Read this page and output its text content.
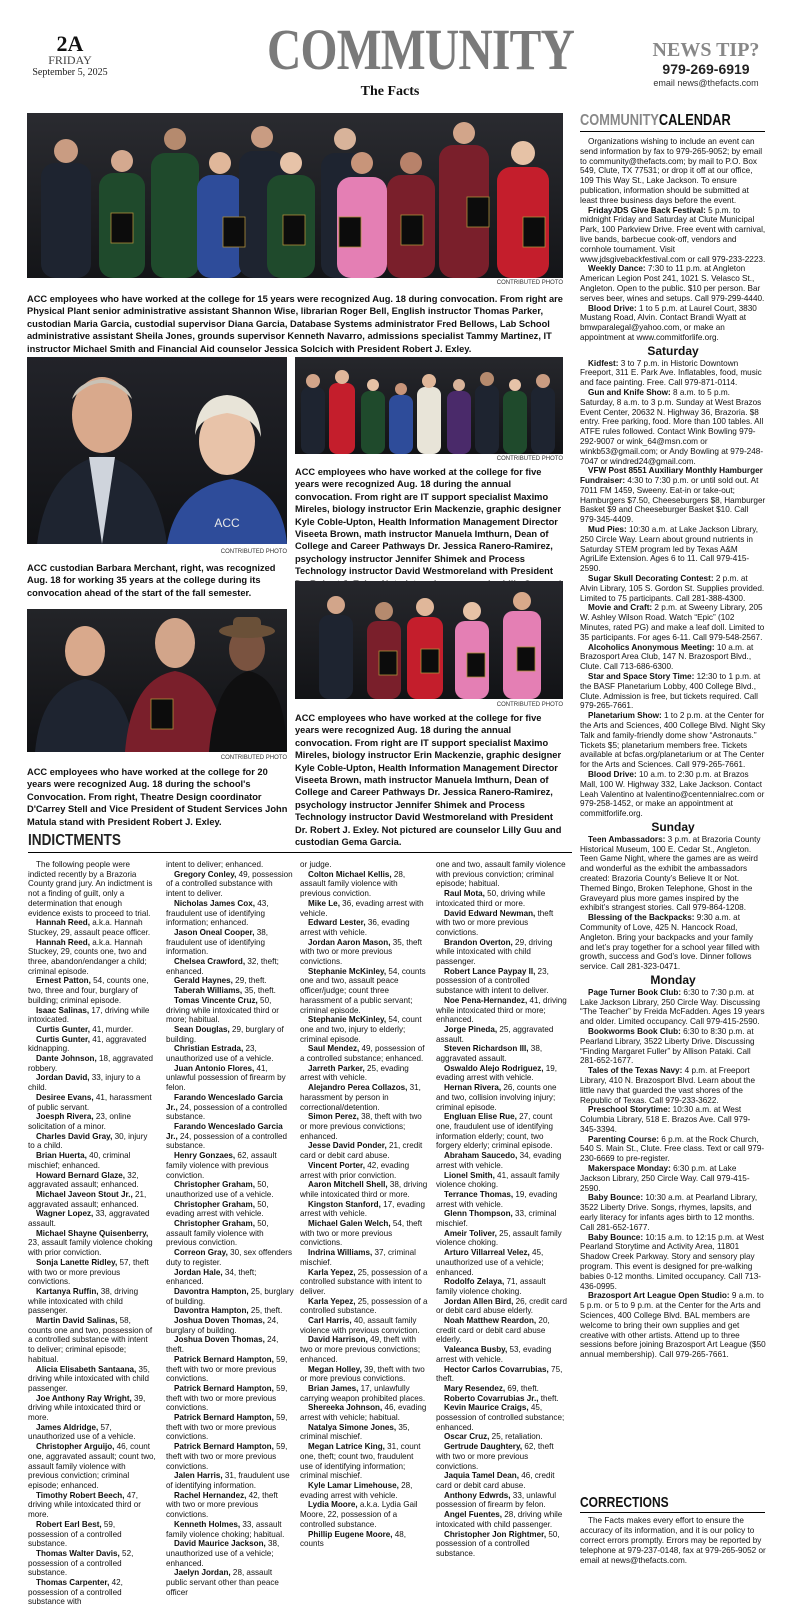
2A
FRIDAY
September 5, 2025	COMMUNITY
The Facts
NEWS TIP?
979-269-6919
email news@thefacts.com
CONTRIBUTED PHOTO
ACC employees who have worked at the college for 15 years were recognized Aug. 18 during convocation. From right are Physical Plant senior administrative assistant Shannon Wise, librarian Roger Bell, English instructor Thomas Parker, custodian Maria Garcia, custodial supervisor Diana Garcia, Database Systems administrator Fred Bellows, Lab School administrative assistant Sheila Jones, grounds supervisor Kenneth Navarro, admissions specialist Tammy Martinez, IT instructor Michael Smith and Financial Aid counselor Jessica Solcich with President Robert J. Exley.
ACC
CONTRIBUTED PHOTO
ACC custodian Barbara Merchant, right, was recognized Aug. 18 for working 35 years at the college during its convocation ahead of the start of the fall semester.
CONTRIBUTED PHOTO
ACC employees who have worked at the college for five years were recognized Aug. 18 during the annual convocation. From right are IT support specialist Maximo Mireles, biology instructor Erin Mackenzie, graphic designer Kyle Coble-Upton, Health Information Management Director Viseeta Brown, math instructor Manuela Imthurn, Dean of College and Career Pathways Dr. Jessica Ranero-Ramirez, psychology instructor Jennifer Shimek and Process Technology instructor David Westmoreland with President
CONTRIBUTED PHOTO
ACC employees who have worked at the college for 20 years were recognized Aug. 18 during the school's Convocation. From right, Theatre Design coordinator D'Carrey Stell and Vice President of Student Services John Matula stand with President Robert J. Exley.
CONTRIBUTED PHOTO
ACC employees who have worked at the college for five years were recognized Aug. 18 during the annual convocation. From right are IT support specialist Maximo Mireles, biology instructor Erin Mackenzie, graphic designer Kyle Coble-Upton, Health Information Management Director Viseeta Brown, math instructor Manuela Imthurn, Dean of College and Career Pathways Dr. Jessica Ranero-Ramirez, psychology instructor Jennifer Shimek and Process Technology instructor David Westmoreland with President Dr. Robert J. Exley. Not pictured are counselor Lilly Guu and custodian Gema Garcia.
INDICTMENTS

The following people were indicted recently by a Brazoria County grand jury. An indictment is not a finding of guilt, only a determination that enough evidence exists to proceed to trial.

Hannah Reed, a.k.a. Hannah Stuckey, 29, assault peace officer.

Hannah Reed, a.k.a. Hannah Stuckey, 29, counts one, two and three, abandon/endanger a child; criminal episode.

Ernest Patton, 54, counts one, two, three and four, burglary of building; criminal episode.

Isaac Salinas, 17, driving while intoxicated.

Curtis Gunter, 41, murder.

Curtis Gunter, 41, aggravated kidnapping.

Dante Johnson, 18, aggravated robbery.

Jordan David, 33, injury to a child.

Desiree Evans, 41, harassment of public servant.

Joesph Rivera, 23, online solicitation of a minor.

Charles David Gray, 30, injury to a child.

Brian Huerta, 40, criminal mischief; enhanced.

Howard Bernard Glaze, 32, aggravated assault; enhanced.

Michael Javeon Stout Jr., 21, aggravated assault; enhanced.

Wagner Lopez, 33, aggravated assault.

Michael Shayne Quisenberry, 23, assault family violence choking with prior conviction.

Sonja Lanette Ridley, 57, theft with two or more previous convictions.

Kartanya Ruffin, 38, driving while intoxicated with child passenger.

Martin David Salinas, 58, counts one and two, possession of a controlled substance with intent to deliver; criminal episode; habitual.

Alicia Elisabeth Santaana, 35, driving while intoxicated with child passenger.

Joe Anthony Ray Wright, 39, driving while intoxicated third or more.

James Aldridge, 57, unauthorized use of a vehicle.

Christopher Arguijo, 46, count one, aggravated assault; count two, assault family violence with previous conviction; criminal episode; enhanced.

Timothy Robert Beech, 47, driving while intoxicated third or more.

Robert Earl Best, 59, possession of a controlled substance.

Thomas Walter Davis, 52, possession of a controlled substance.

Thomas Carpenter, 42, possession of a controlled substance with

intent to deliver; enhanced.

Gregory Conley, 49, possession of a controlled substance with intent to deliver.

Nicholas James Cox, 43, fraudulent use of identifying information; enhanced.

Jason Oneal Cooper, 38, fraudulent use of identifying information.

Chelsea Crawford, 32, theft; enhanced.

Gerald Haynes, 29, theft.

Taberah Williams, 35, theft.

Tomas Vincente Cruz, 50, driving while intoxicated third or more; habitual.

Sean Douglas, 29, burglary of building.

Christian Estrada, 23, unauthorized use of a vehicle.

Juan Antonio Flores, 41, unlawful possession of firearm by felon.

Farando Wenceslado Garcia Jr., 24, possession of a controlled substance.

Farando Wenceslado Garcia Jr., 24, possession of a controlled substance.

Henry Gonzaes, 62, assault family violence with previous conviction.

Christopher Graham, 50, unauthorized use of a vehicle.

Christopher Graham, 50, evading arrest with vehicle.

Christopher Graham, 50, assault family violence with previous conviction.

Correon Gray, 30, sex offenders duty to register.

Jordan Hale, 34, theft; enhanced.

Davontra Hampton, 25, burglary of building.

Davontra Hampton, 25, theft.

Joshua Doven Thomas, 24, burglary of building.

Joshua Doven Thomas, 24, theft.

Patrick Bernard Hampton, 59, theft with two or more previous convictions.

Patrick Bernard Hampton, 59, theft with two or more previous convictions.

Patrick Bernard Hampton, 59, theft with two or more previous convictions.

Patrick Bernard Hampton, 59, theft with two or more previous convictions.

Jalen Harris, 31, fraudulent use of identifying information.

Rachel Hernandez, 42, theft with two or more previous convictions.

Kenneth Holmes, 33, assault family violence choking; habitual.

David Maurice Jackson, 38, unauthorized use of a vehicle; enhanced.

Jaelyn Jordan, 28, assault public servant other than peace officer

or judge.

Colton Michael Kellis, 28, assault family violence with previous conviction.

Mike Le, 36, evading arrest with vehicle.

Edward Lester, 36, evading arrest with vehicle.

Jordan Aaron Mason, 35, theft with two or more previous convictions.

Stephanie McKinley, 54, counts one and two, assault peace officer/judge; count three harassment of a public servant; criminal episode.

Stephanie McKinley, 54, count one and two, injury to elderly; criminal episode.

Saul Mendez, 49, possession of a controlled substance; enhanced.

Jarreth Parker, 25, evading arrest with vehicle.

Alejandro Perea Collazos, 31, harassment by person in correctional/detention.

Simon Perez, 38, theft with two or more previous convictions; enhanced.

Jesse David Ponder, 21, credit card or debit card abuse.

Vincent Porter, 42, evading arrest with prior conviction.

Aaron Mitchell Shell, 38, driving while intoxicated third or more.

Kingston Stanford, 17, evading arrest with vehicle.

Michael Galen Welch, 54, theft with two or more previous convictions.

Indrina Williams, 37, criminal mischief.

Karla Yepez, 25, possession of a controlled substance with intent to deliver.

Karla Yepez, 25, possession of a controlled substance.

Carl Harris, 40, assault family violence with previous conviction.

David Harrison, 49, theft with two or more previous convictions; enhanced.

Megan Holley, 39, theft with two or more previous convictions.

Brian James, 17, unlawfully carrying weapon prohibited places.

Shereeka Johnson, 46, evading arrest with vehicle; habitual.

Natalya Simone Jones, 35, criminal mischief.

Megan Latrice King, 31, count one, theft; count two, fraudulent use of identifying information; criminal mischief.

Kyle Lamar Limehouse, 28, evading arrest with vehicle.

Lydia Moore, a.k.a. Lydia Gail Moore, 22, possession of a controlled substance.

Phillip Eugene Moore, 48, counts

one and two, assault family violence with previous conviction; criminal episode; habitual.

Raul Mota, 50, driving while intoxicated third or more.

David Edward Newman, theft with two or more previous convictions.

Brandon Overton, 29, driving while intoxicated with child passenger.

Robert Lance Paypay II, 23, possession of a controlled substance with intent to deliver.

Noe Pena-Hernandez, 41, driving while intoxicated third or more; enhanced.

Jorge Pineda, 25, aggravated assault.

Steven Richardson III, 38, aggravated assault.

Oswaldo Alejo Rodriguez, 19, evading arrest with vehicle.

Hernan Rivera, 26, counts one and two, collision involving injury; criminal episode.

Engluan Elise Rue, 27, count one, fraudulent use of identifying information elderly; count, two forgery elderly; criminal episode.

Abraham Saucedo, 34, evading arrest with vehicle.

Lionel Smith, 41, assault family violence choking.

Terrance Thomas, 19, evading arrest with vehicle.

Glenn Thompson, 33, criminal mischief.

Ameir Toliver, 25, assault family violence choking.

Arturo Villarreal Velez, 45, unauthorized use of a vehicle; enhanced.

Rodolfo Zelaya, 71, assault family violence choking.

Jordan Allen Bird, 26, credit card or debit card abuse elderly.

Noah Matthew Reardon, 20, credit card or debit card abuse elderly.

Valeanca Busby, 53, evading arrest with vehicle.

Hector Carlos Covarrubias, 75, theft.

Mary Resendez, 69, theft.

Roberto Covarrubias Jr., theft.

Kevin Maurice Craigs, 45, possession of controlled substance; enhanced.

Oscar Cruz, 25, retaliation.

Gertrude Daughtery, 62, theft with two or more previous convictions.

Jaquia Tamel Dean, 46, credit card or debit card abuse.

Anthony Edwrds, 33, unlawful possession of firearm by felon.

Angel Fuentes, 28, driving while intoxicated with child passenger.

Christopher Jon Rightmer, 50, possession of a controlled substance.

COMMUNITYCALENDAR

Organizations wishing to include an event can send information by fax to 979-265-9052; by email to community@thefacts.com; by mail to P.O. Box 549, Clute, TX 77531; or drop it off at our office, 109 This Way St., Lake Jackson. To ensure publication, information should be submitted at least three business days before the event.

FridayJDS Give Back Festival: 5 p.m. to midnight Friday and Saturday at Clute Municipal Park, 100 Parkview Drive. Free event with carnival, live bands, barbecue cook-off, vendors and cornhole tournament. Visit www.jdsgivebackfestival.com or call 979-233-2223.

Weekly Dance: 7:30 to 11 p.m. at Angleton American Legion Post 241, 1021 S. Velasco St., Angleton. Open to the public. $10 per person. Bar serves beer, wines and setups. Call 979-299-4440.

Blood Drive: 1 to 5 p.m. at Laurel Court, 3830 Mustang Road, Alvin. Contact Brandi Wyatt at bmwparalegal@yahoo.com, or make an appointment at www.commitforlife.org.

Saturday

Kidfest: 3 to 7 p.m. in Historic Downtown Freeport, 311 E. Park Ave. Inflatables, food, music and face painting. Free. Call 979-871-0114.

Gun and Knife Show: 8 a.m. to 5 p.m. Saturday, 8 a.m. to 3 p.m. Sunday at West Brazos Event Center, 20632 N. Highway 36, Brazoria. $8 entry. Free parking, food. More than 100 tables. All ATFE rules followed. Contact Wink Bowling 979-292-9007 or wink_64@msn.com or winkb53@gmail.com; or Andy Bowling at 979-248-7047 or windred24@gmail.com.

VFW Post 8551 Auxiliary Monthly Hamburger Fundraiser: 4:30 to 7:30 p.m. or until sold out. At 7011 FM 1459, Sweeny. Eat-in or take-out; Hamburgers $7.50, Cheeseburgers $8, Hamburger Basket $9 and Cheeseburger Basket $10. Call 979-345-4409.

Mud Pies: 10:30 a.m. at Lake Jackson Library, 250 Circle Way. Learn about ground nutrients in Saturday STEM program led by Texas A&M AgriLife Extension. Ages 6 to 11. Call 979-415-2590.

Sugar Skull Decorating Contest: 2 p.m. at Alvin Library, 105 S. Gordon St. Supplies provided. Limited to 75 participants. Call 281-388-4300.

Movie and Craft: 2 p.m. at Sweeny Library, 205 W. Ashley Wilson Road. Watch “Epic” (102 Minutes, rated PG) and make a leaf doll. Limited to 35 participants. For ages 6-11. Call 979-548-2567.

Alcoholics Anonymous Meeting: 10 a.m. at Brazosport Area Club, 147 N. Brazosport Blvd., Clute. Call 713-686-6300.

Star and Space Story Time: 12:30 to 1 p.m. at the BASF Planetarium Lobby, 400 College Blvd., Clute. Admission is free, but tickets required. Call 979-265-7661.

Planetarium Show: 1 to 2 p.m. at the Center for the Arts and Sciences, 400 College Blvd. Night Sky Talk and family-friendly dome show “Astronauts.” Tickets $5; planetarium members free. Tickets available at bcfas.org/planetarium or at The Center for the Arts and Sciences. Call 979-265-7661.

Blood Drive: 10 a.m. to 2:30 p.m. at Brazos Mall, 100 W. Highway 332, Lake Jackson. Contact Leah Valentino at lvalentino@centennialrec.com or 979-258-1452, or make an appointment at commitforlife.org.

Sunday

Teen Ambassadors: 3 p.m. at Brazoria County Historical Museum, 100 E. Cedar St., Angleton. Teen Game Night, where the games are as weird and wonderful as the exhibit the ambassadors created: Brazoria County’s Believe It or Not. Themed Bingo, Broken Telephone, Ghost in the Graveyard plus more games inspired by the exhibit’s strangest stories. Call 979-864-1208.

Blessing of the Backpacks: 9:30 a.m. at Community of Love, 425 N. Hancock Road, Angleton. Bring your backpacks and your family and let’s pray together for a school year filled with growth, success and God’s love. Dinner follows service. Call 281-323-0471.

Monday

Page Turner Book Club: 6:30 to 7:30 p.m. at Lake Jackson Library, 250 Circle Way. Discussing “The Teacher” by Freida McFadden. Ages 19 years and older. Limited occupancy. Call 979-415-2590.

Bookworms Book Club: 6:30 to 8:30 p.m. at Pearland Library, 3522 Liberty Drive. Discussing “Finding Margaret Fuller” by Allison Pataki. Call 281-652-1677.

Tales of the Texas Navy: 4 p.m. at Freeport Library, 410 N. Brazosport Blvd. Learn about the little navy that guarded the vast shores of the Republic of Texas. Call 979-233-3622.

Preschool Storytime: 10:30 a.m. at West Columbia Library, 518 E. Brazos Ave. Call 979-345-3394.

Parenting Course: 6 p.m. at the Rock Church, 540 S. Main St., Clute. Free class. Text or call 979-230-6669 to pre-register.

Makerspace Monday: 6:30 p.m. at Lake Jackson Library, 250 Circle Way. Call 979-415-2590.

Baby Bounce: 10:30 a.m. at Pearland Library, 3522 Liberty Drive. Songs, rhymes, lapsits, and early literacy for infants ages birth to 12 months. Call 281-652-1677.

Baby Bounce: 10:15 a.m. to 12:15 p.m. at West Pearland Storytime and Activity Area, 11801 Shadow Creek Parkway. Story and sensory play program. This event is designed for pre-walking babies 0-12 months. Limited occupancy. Call 713-436-0995.

Brazosport Art League Open Studio: 9 a.m. to 5 p.m. or 5 to 9 p.m. at the Center for the Arts and Sciences, 400 College Blvd. BAL members are welcome to bring their own supplies and get creative with other artists. Attend up to three sessions before joining Brazosport Art League ($50 annual membership). Call 979-265-7661.

CORRECTIONS

The Facts makes every effort to ensure the accuracy of its information, and it is our policy to correct errors promptly. Errors may be reported by telephone at 979-237-0148, fax at 979-265-9052 or email at news@thefacts.com.
